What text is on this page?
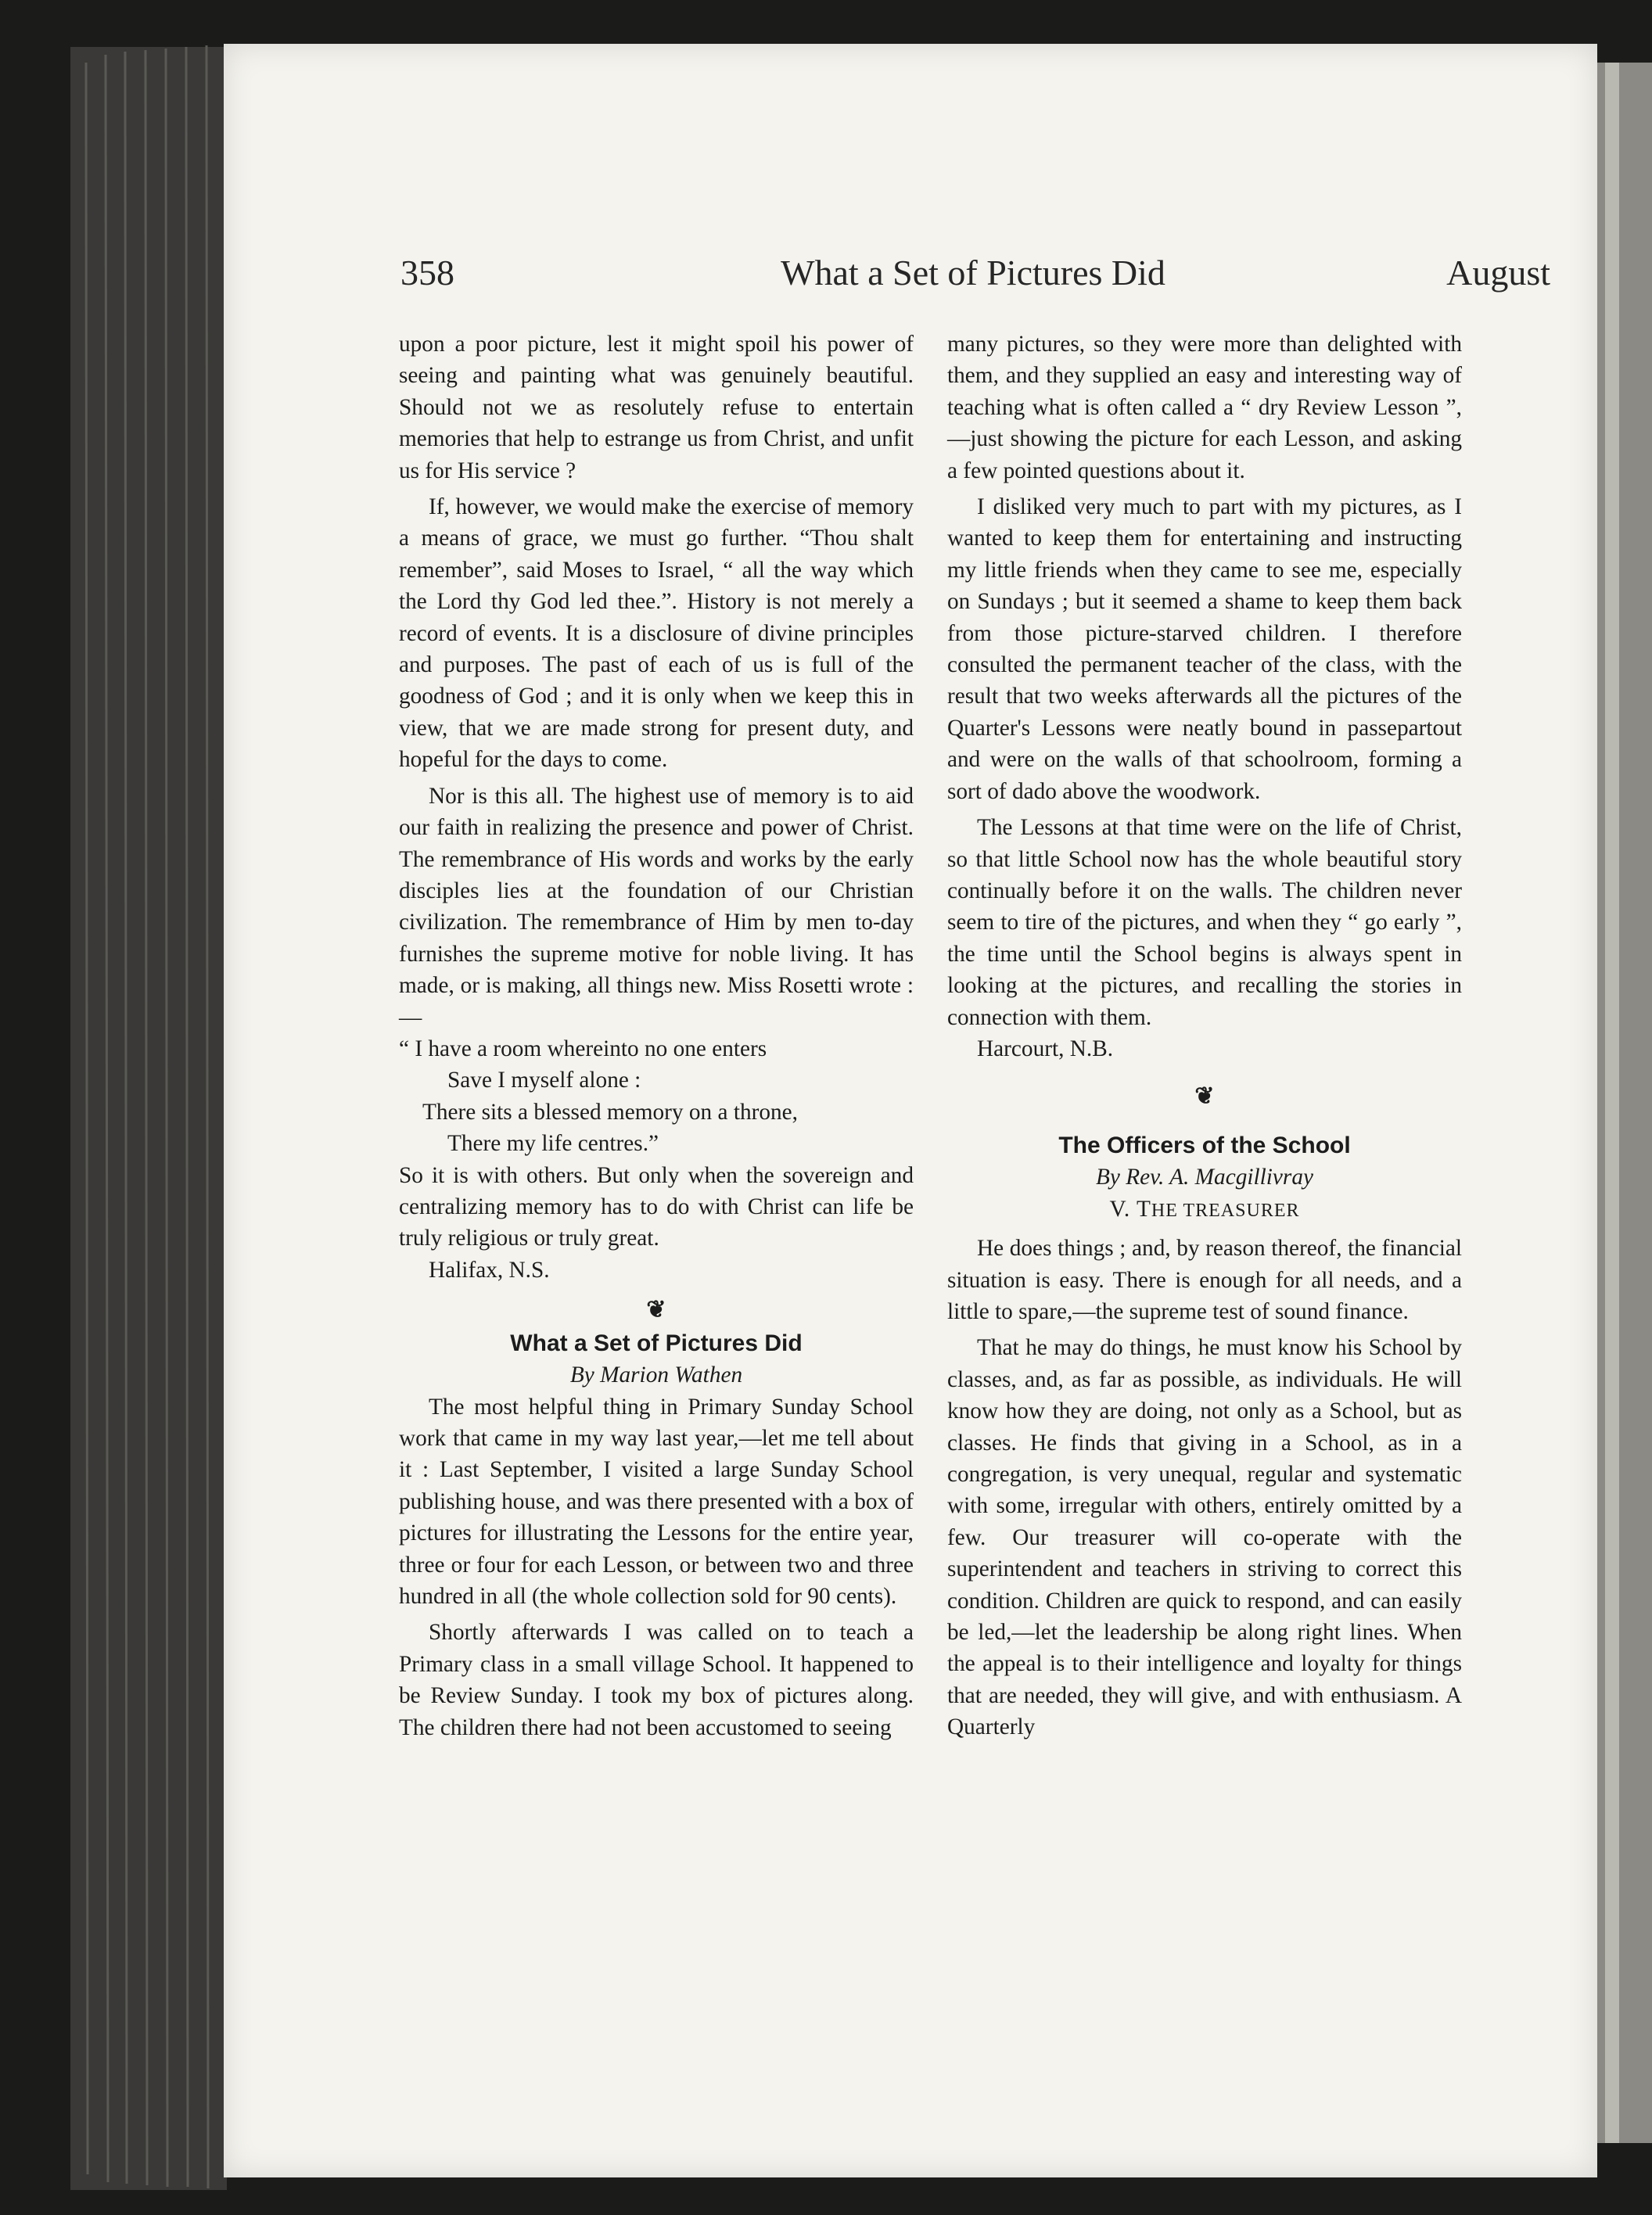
358	What a Set of Pictures Did	August

upon a poor picture, lest it might spoil his power of seeing and painting what was genuinely beautiful. Should not we as resolutely refuse to entertain memories that help to estrange us from Christ, and unfit us for His service ?

If, however, we would make the exercise of memory a means of grace, we must go further. “Thou shalt remember”, said Moses to Israel, “ all the way which the Lord thy God led thee.”. History is not merely a record of events. It is a disclosure of divine principles and purposes. The past of each of us is full of the goodness of God ; and it is only when we keep this in view, that we are made strong for present duty, and hopeful for the days to come.

Nor is this all. The highest use of memory is to aid our faith in realizing the presence and power of Christ. The remembrance of His words and works by the early disciples lies at the foundation of our Christian civilization. The remembrance of Him by men to-day furnishes the supreme motive for noble living. It has made, or is making, all things new. Miss Rosetti wrote :—

“ I have a room whereinto no one enters
Save I myself alone :
There sits a blessed memory on a throne,
There my life centres.”

So it is with others. But only when the sovereign and centralizing memory has to do with Christ can life be truly religious or truly great.

Halifax, N.S.

❦
What a Set of Pictures Did
By Marion Wathen

The most helpful thing in Primary Sunday School work that came in my way last year,—let me tell about it : Last September, I visited a large Sunday School publishing house, and was there presented with a box of pictures for illustrating the Lessons for the entire year, three or four for each Lesson, or between two and three hundred in all (the whole collection sold for 90 cents).

Shortly afterwards I was called on to teach a Primary class in a small village School. It happened to be Review Sunday. I took my box of pictures along. The children there had not been accustomed to seeing

many pictures, so they were more than delighted with them, and they supplied an easy and interesting way of teaching what is often called a “ dry Review Lesson ”,—just showing the picture for each Lesson, and asking a few pointed questions about it.

I disliked very much to part with my pictures, as I wanted to keep them for entertaining and instructing my little friends when they came to see me, especially on Sundays ; but it seemed a shame to keep them back from those picture-starved children. I therefore consulted the permanent teacher of the class, with the result that two weeks afterwards all the pictures of the Quarter's Lessons were neatly bound in passepartout and were on the walls of that schoolroom, forming a sort of dado above the woodwork.

The Lessons at that time were on the life of Christ, so that little School now has the whole beautiful story continually before it on the walls. The children never seem to tire of the pictures, and when they “ go early ”, the time until the School begins is always spent in looking at the pictures, and recalling the stories in connection with them.

Harcourt, N.B.

❦
The Officers of the School
By Rev. A. Macgillivray
V. THE TREASURER

He does things ; and, by reason thereof, the financial situation is easy. There is enough for all needs, and a little to spare,—the supreme test of sound finance.

That he may do things, he must know his School by classes, and, as far as possible, as individuals. He will know how they are doing, not only as a School, but as classes. He finds that giving in a School, as in a congregation, is very unequal, regular and systematic with some, irregular with others, entirely omitted by a few. Our treasurer will co-operate with the superintendent and teachers in striving to correct this condition. Children are quick to respond, and can easily be led,—let the leadership be along right lines. When the appeal is to their intelligence and loyalty for things that are needed, they will give, and with enthusiasm. A Quarterly
